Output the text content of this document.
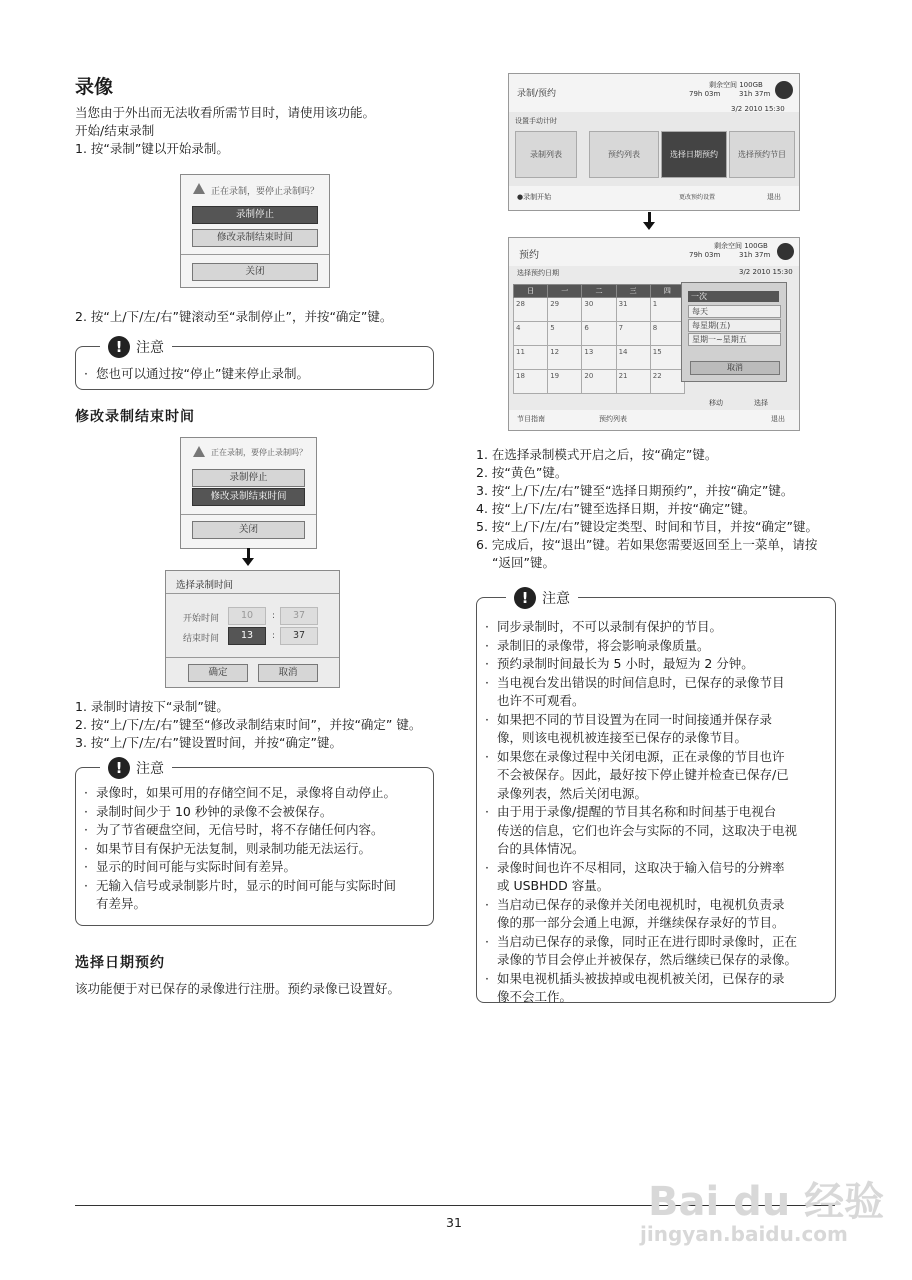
录像
当您由于外出而无法收看所需节目时，请使用该功能。
开始/结束录制
1. 按“录制”键以开始录制。
正在录制，要停止录制吗？
录制停止
修改录制结束时间
关闭
2. 按“上/下/左/右”键滚动至“录制停止”，并按“确定”键。
· 您也可以通过按“停止”键来停止录制。
! 注意
修改录制结束时间
正在录制，要停止录制吗？
录制停止
修改录制结束时间
关闭
选择录制时间
开始时间	10	:	37
结束时间	13	:	37
确定	取消
1. 录制时请按下“录制”键。
2. 按“上/下/左/右”键至“修改录制结束时间”，并按“确定” 键。
3. 按“上/下/左/右”键设置时间，并按“确定”键。
· 录像时，如果可用的存储空间不足，录像将自动停止。
· 录制时间少于 10 秒钟的录像不会被保存。
· 为了节省硬盘空间，无信号时，将不存储任何内容。
· 如果节目有保护无法复制，则录制功能无法运行。
· 显示的时间可能与实际时间有差异。
· 无输入信号或录制影片时，显示的时间可能与实际时间
有差异。
! 注意
选择日期预约
该功能便于对已保存的录像进行注册。预约录像已设置好。
录制/预约
剩余空间 100GB
79h 03m	31h 37m
3/2 2010 15:30
设置手动计时
录制列表	预约列表	选择日期预约	选择预约节目
●录制开始	更改预约设置	退出
预约
剩余空间 100GB
79h 03m	31h 37m
选择预约日期	3/2 2010 15:30
日	一	二	三	四
28	29	30	31	1
4	5	6	7	8
11	12	13	14	15
18	19	20	21	22
一次
每天
每星期(五)
星期一~星期五
取消
移动	选择
节目指南	预约列表	退出
1. 在选择录制模式开启之后，按“确定”键。
2. 按“黄色”键。
3. 按“上/下/左/右”键至“选择日期预约”，并按“确定”键。
4. 按“上/下/左/右”键至选择日期，并按“确定”键。
5. 按“上/下/左/右”键设定类型、时间和节目，并按“确定”键。
6. 完成后，按“退出”键。若如果您需要返回至上一菜单，请按
“返回”键。
· 同步录制时，不可以录制有保护的节目。
· 录制旧的录像带，将会影响录像质量。
· 预约录制时间最长为 5 小时，最短为 2 分钟。
· 当电视台发出错误的时间信息时，已保存的录像节目
也许不可观看。
· 如果把不同的节目设置为在同一时间接通并保存录
像，则该电视机被连接至已保存的录像节目。
· 如果您在录像过程中关闭电源，正在录像的节目也许
不会被保存。因此，最好按下停止键并检查已保存/已
录像列表，然后关闭电源。
· 由于用于录像/提醒的节目其名称和时间基于电视台
传送的信息，它们也许会与实际的不同，这取决于电视
台的具体情况。
· 录像时间也许不尽相同，这取决于输入信号的分辨率
或 USBHDD 容量。
· 当启动已保存的录像并关闭电视机时，电视机负责录
像的那一部分会通上电源，并继续保存录好的节目。
· 当启动已保存的录像，同时正在进行即时录像时，正在
录像的节目会停止并被保存，然后继续已保存的录像。
· 如果电视机插头被拔掉或电视机被关闭，已保存的录
像不会工作。
! 注意
31	Bai du 经验
jingyan.baidu.com
